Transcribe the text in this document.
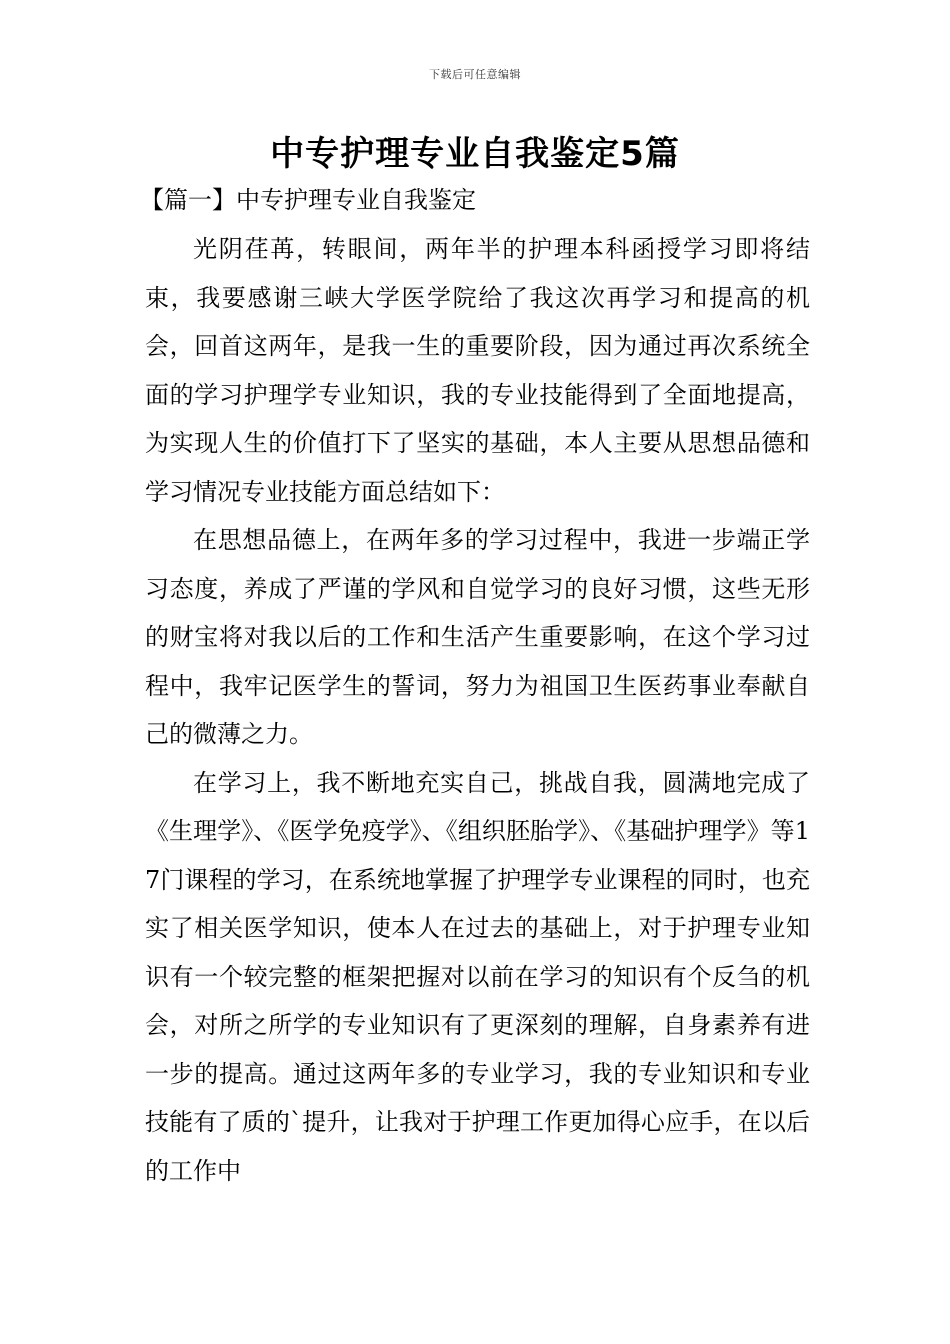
下载后可任意编辑
中专护理专业自我鉴定5篇
【篇一】中专护理专业自我鉴定

光阴荏苒，转眼间，两年半的护理本科函授学习即将结束，我要感谢三峡大学医学院给了我这次再学习和提高的机会，回首这两年，是我一生的重要阶段，因为通过再次系统全面的学习护理学专业知识，我的专业技能得到了全面地提高，为实现人生的价值打下了坚实的基础，本人主要从思想品德和学习情况专业技能方面总结如下：

在思想品德上，在两年多的学习过程中，我进一步端正学习态度，养成了严谨的学风和自觉学习的良好习惯，这些无形的财宝将对我以后的工作和生活产生重要影响，在这个学习过程中，我牢记医学生的誓词，努力为祖国卫生医药事业奉献自己的微薄之力。

在学习上，我不断地充实自己，挑战自我，圆满地完成了《生理学》、《医学免疫学》、《组织胚胎学》、《基础护理学》等17门课程的学习，在系统地掌握了护理学专业课程的同时，也充实了相关医学知识，使本人在过去的基础上，对于护理专业知识有一个较完整的框架把握对以前在学习的知识有个反刍的机会，对所之所学的专业知识有了更深刻的理解，自身素养有进一步的提高。通过这两年多的专业学习，我的专业知识和专业技能有了质的`提升，让我对于护理工作更加得心应手，在以后的工作中
